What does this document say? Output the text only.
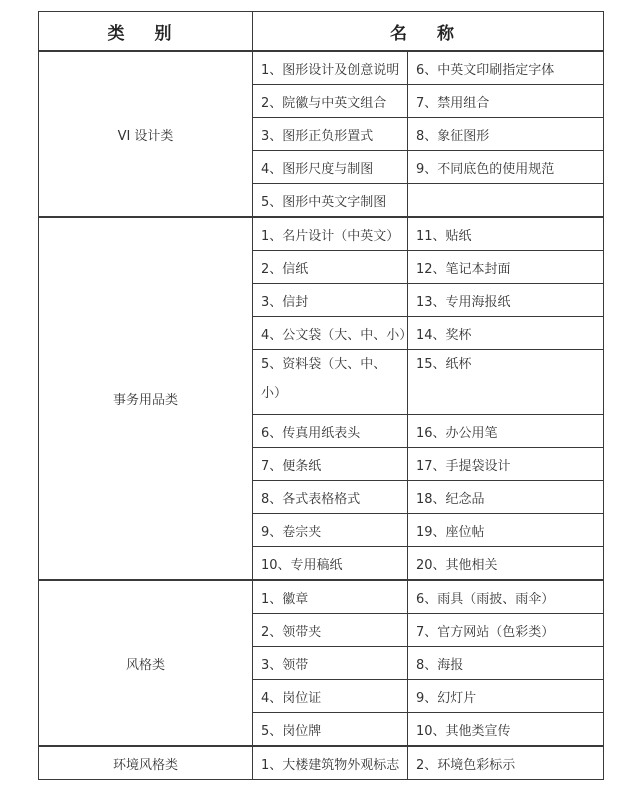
类 别	名 称	
VI 设计类	1、图形设计及创意说明	6、中英文印刷指定字体
	2、院徽与中英文组合	7、禁用组合
	3、图形正负形置式	8、象征图形
	4、图形尺度与制图	9、不同底色的使用规范
	5、图形中英文字制图	
事务用品类	1、名片设计（中英文）	11、贴纸
	2、信纸	12、笔记本封面
	3、信封	13、专用海报纸
	4、公文袋（大、中、小）	14、奖杯
	5、资料袋（大、中、小）	15、纸杯
	6、传真用纸表头	16、办公用笔
	7、便条纸	17、手提袋设计
	8、各式表格格式	18、纪念品
	9、卷宗夹	19、座位帖
	10、专用稿纸	20、其他相关
风格类	1、徽章	6、雨具（雨披、雨伞）
	2、领带夹	7、官方网站（色彩类）
	3、领带	8、海报
	4、岗位证	9、幻灯片
	5、岗位牌	10、其他类宣传
环境风格类	1、大楼建筑物外观标志	2、环境色彩标示
